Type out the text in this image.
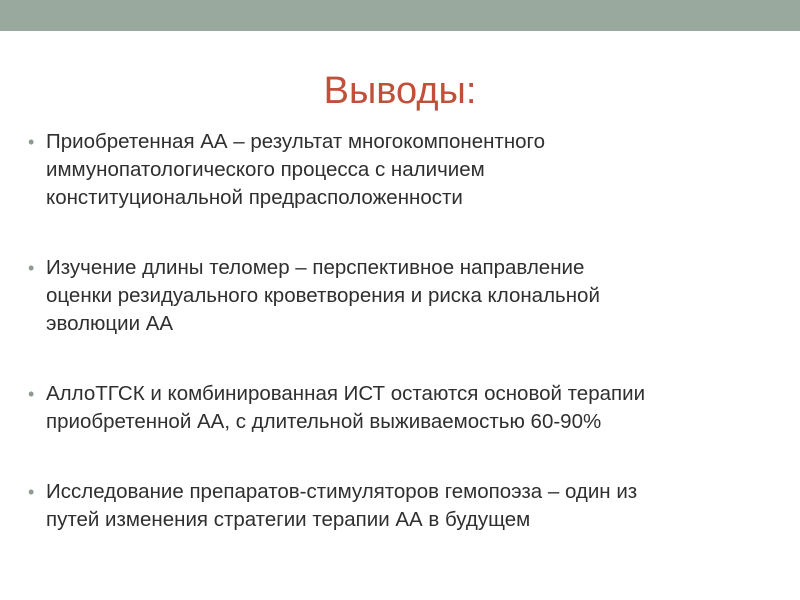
Выводы:
• Приобретенная АА – результат многокомпонентного
иммунопатологического процесса с наличием
конституциональной предрасположенности
• Изучение длины теломер – перспективное направление
оценки резидуального кроветворения и риска клональной
эволюции АА
• АллоТГСК и комбинированная ИСТ остаются основой терапии
приобретенной АА, с длительной выживаемостью 60-90%
• Исследование препаратов-стимуляторов гемопоэза – один из
путей изменения стратегии терапии АА в будущем
